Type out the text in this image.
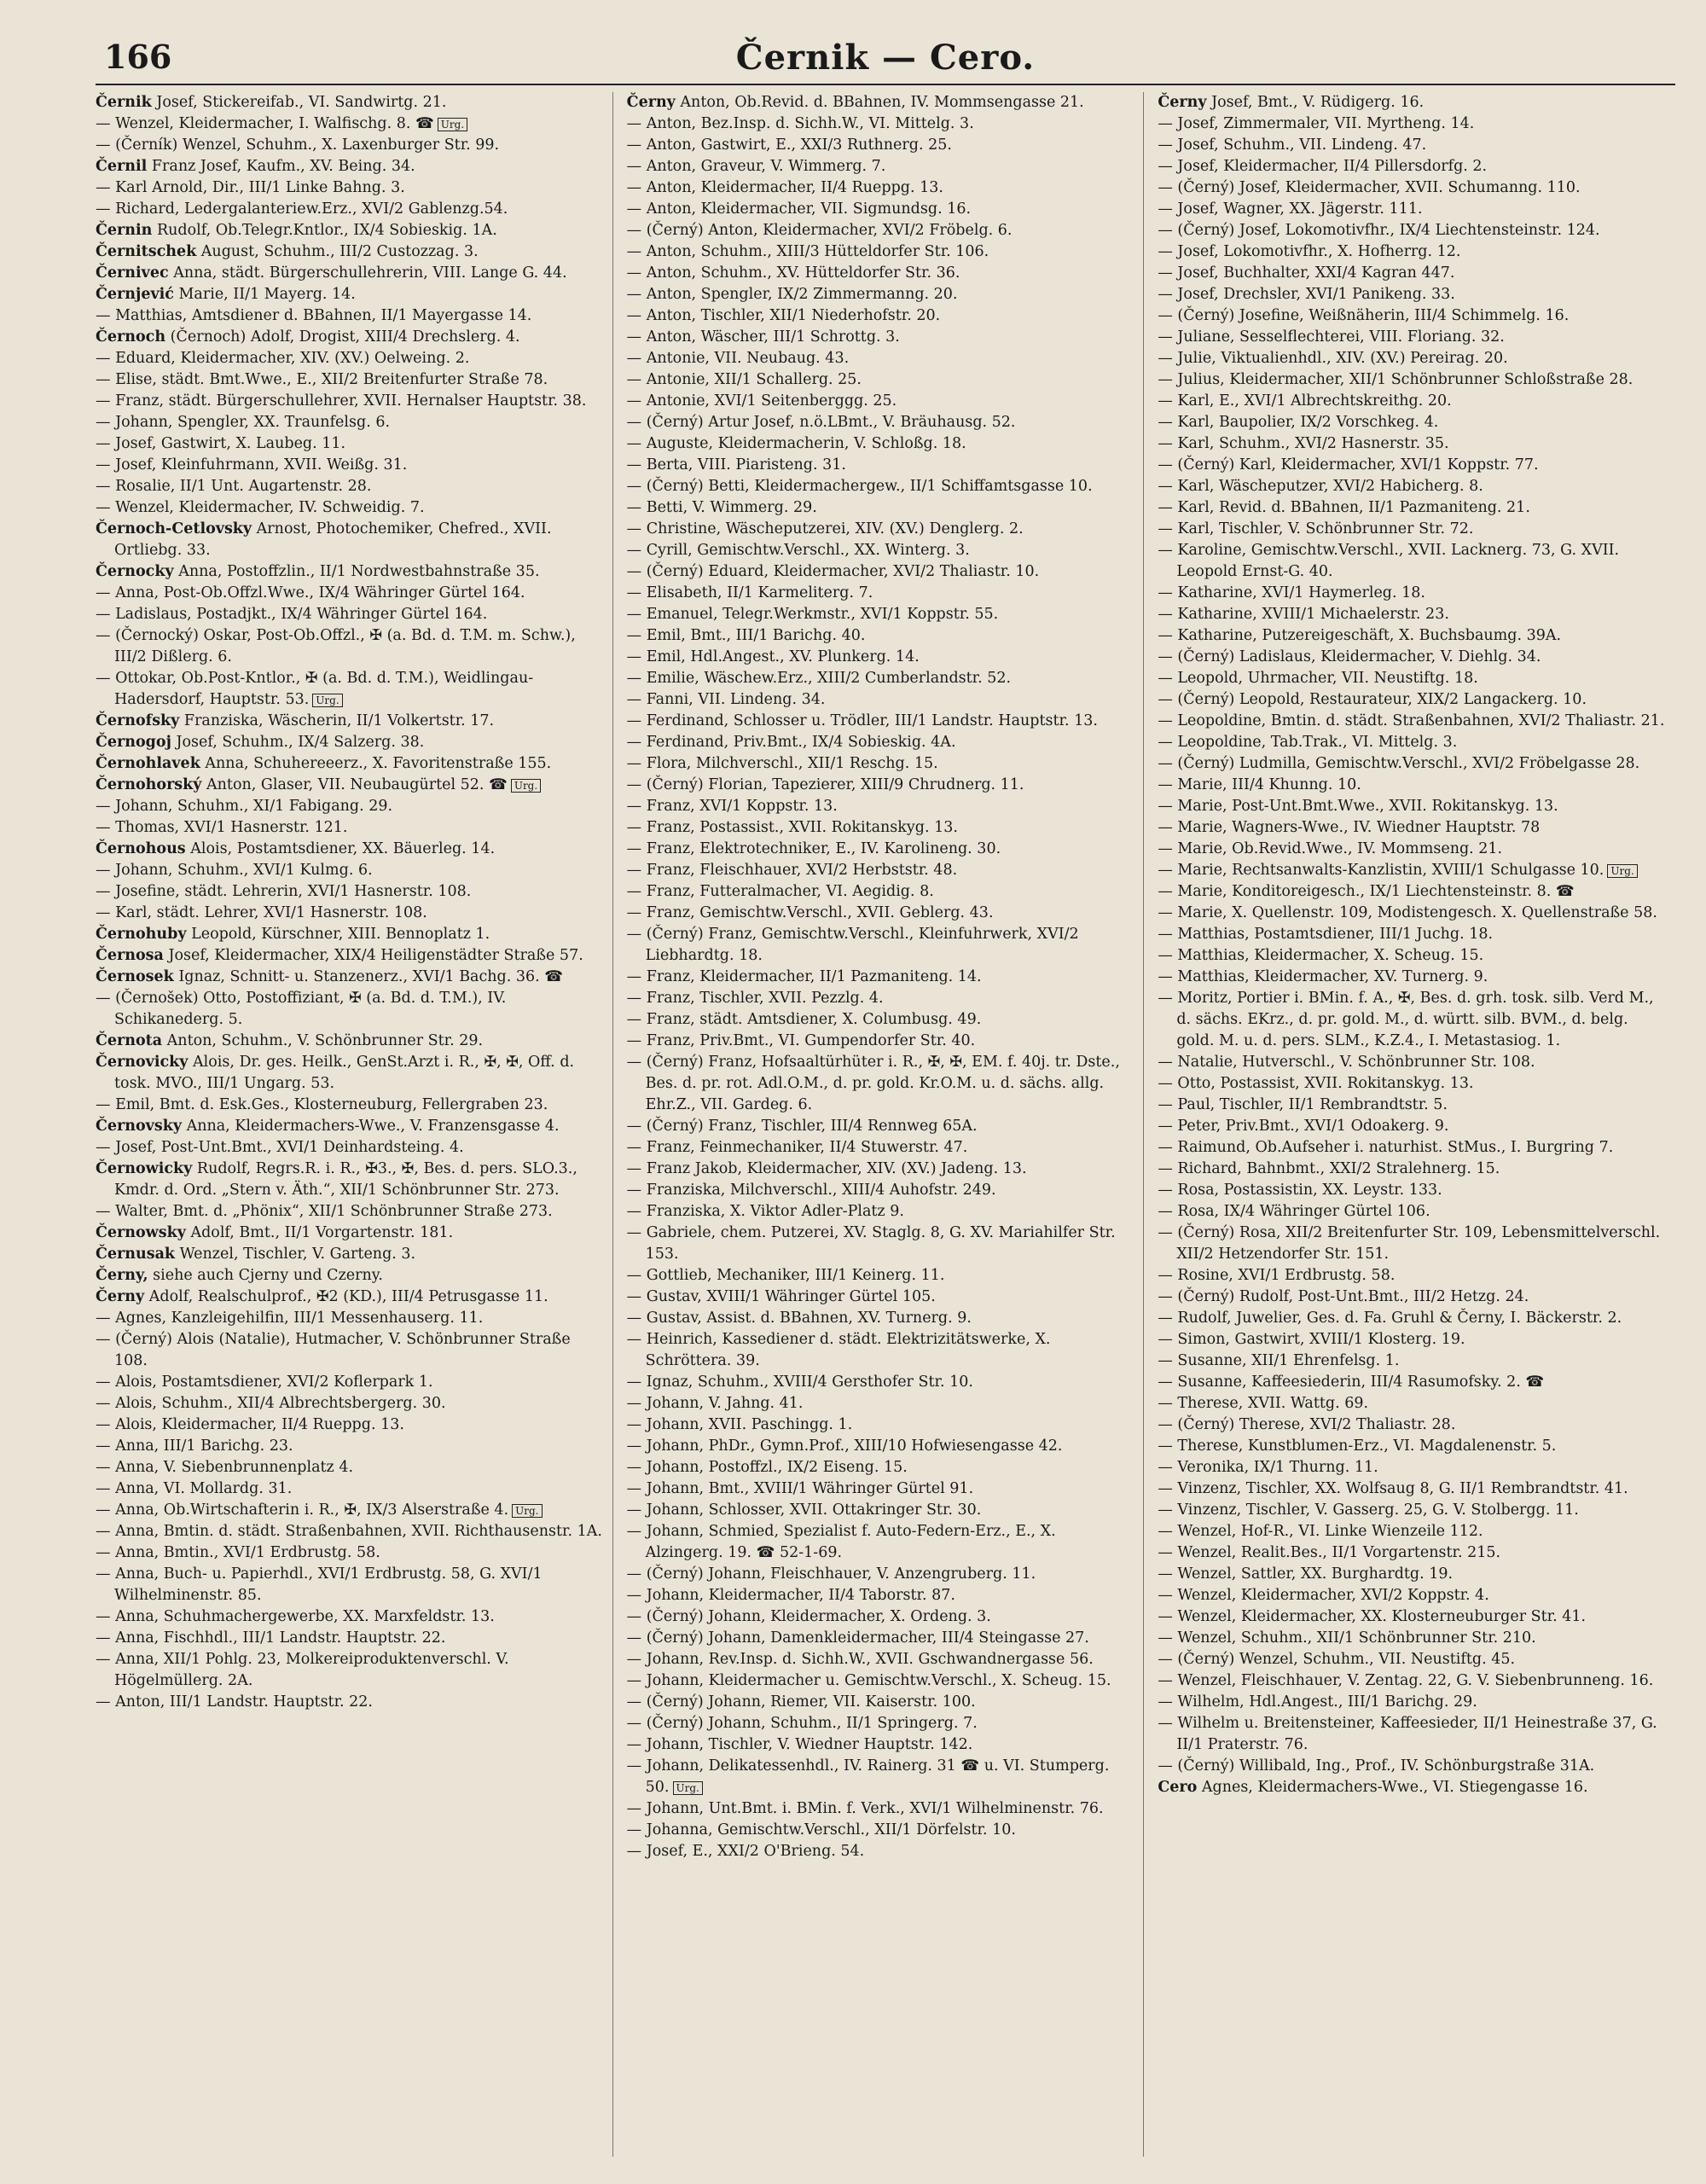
166	Černik — Cero.

Černik Josef, Stickereifab., VI. Sandwirtg. 21.

— Wenzel, Kleidermacher, I. Walfischg. 8. ☎ Urg.

— (Černík) Wenzel, Schuhm., X. Laxenburger Str. 99.

Černil Franz Josef, Kaufm., XV. Being. 34.

— Karl Arnold, Dir., III/1 Linke Bahng. 3.

— Richard, Ledergalanteriew.Erz., XVI/2 Gablenzg.54.

Černin Rudolf, Ob.Telegr.Kntlor., IX/4 Sobieskig. 1A.

Černitschek August, Schuhm., III/2 Custozzag. 3.

Černivec Anna, städt. Bürgerschullehrerin, VIII. Lange G. 44.

Černjević Marie, II/1 Mayerg. 14.

— Matthias, Amtsdiener d. BBahnen, II/1 Mayergasse 14.

Černoch (Černoch) Adolf, Drogist, XIII/4 Drechslerg. 4.

— Eduard, Kleidermacher, XIV. (XV.) Oelweing. 2.

— Elise, städt. Bmt.Wwe., E., XII/2 Breitenfurter Straße 78.

— Franz, städt. Bürgerschullehrer, XVII. Hernalser Hauptstr. 38.

— Johann, Spengler, XX. Traunfelsg. 6.

— Josef, Gastwirt, X. Laubeg. 11.

— Josef, Kleinfuhrmann, XVII. Weißg. 31.

— Rosalie, II/1 Unt. Augartenstr. 28.

— Wenzel, Kleidermacher, IV. Schweidig. 7.

Černoch-Cetlovsky Arnost, Photochemiker, Chefred., XVII. Ortliebg. 33.

Černocky Anna, Postoffzlin., II/1 Nordwestbahnstraße 35.

— Anna, Post-Ob.Offzl.Wwe., IX/4 Währinger Gürtel 164.

— Ladislaus, Postadjkt., IX/4 Währinger Gürtel 164.

— (Černocký) Oskar, Post-Ob.Offzl., ✠ (a. Bd. d. T.M. m. Schw.), III/2 Dißlerg. 6.

— Ottokar, Ob.Post-Kntlor., ✠ (a. Bd. d. T.M.), Weidlingau-Hadersdorf, Hauptstr. 53. Urg.

Černofsky Franziska, Wäscherin, II/1 Volkertstr. 17.

Černogoj Josef, Schuhm., IX/4 Salzerg. 38.

Černohlavek Anna, Schuhereeerz., X. Favoritenstraße 155.

Černohorský Anton, Glaser, VII. Neubaugürtel 52. ☎ Urg.

— Johann, Schuhm., XI/1 Fabigang. 29.

— Thomas, XVI/1 Hasnerstr. 121.

Černohous Alois, Postamtsdiener, XX. Bäuerleg. 14.

— Johann, Schuhm., XVI/1 Kulmg. 6.

— Josefine, städt. Lehrerin, XVI/1 Hasnerstr. 108.

— Karl, städt. Lehrer, XVI/1 Hasnerstr. 108.

Černohuby Leopold, Kürschner, XIII. Bennoplatz 1.

Černosa Josef, Kleidermacher, XIX/4 Heiligenstädter Straße 57.

Černosek Ignaz, Schnitt- u. Stanzenerz., XVI/1 Bachg. 36. ☎

— (Černošek) Otto, Postoffiziant, ✠ (a. Bd. d. T.M.), IV. Schikanederg. 5.

Černota Anton, Schuhm., V. Schönbrunner Str. 29.

Černovicky Alois, Dr. ges. Heilk., GenSt.Arzt i. R., ✠, ✠, Off. d. tosk. MVO., III/1 Ungarg. 53.

— Emil, Bmt. d. Esk.Ges., Klosterneuburg, Fellergraben 23.

Černovsky Anna, Kleidermachers-Wwe., V. Franzensgasse 4.

— Josef, Post-Unt.Bmt., XVI/1 Deinhardsteing. 4.

Černowicky Rudolf, Regrs.R. i. R., ✠3., ✠, Bes. d. pers. SLO.3., Kmdr. d. Ord. „Stern v. Äth.“, XII/1 Schönbrunner Str. 273.

— Walter, Bmt. d. „Phönix“, XII/1 Schönbrunner Straße 273.

Černowsky Adolf, Bmt., II/1 Vorgartenstr. 181.

Černusak Wenzel, Tischler, V. Garteng. 3.

Černy, siehe auch Cjerny und Czerny.

Černy Adolf, Realschulprof., ✠2 (KD.), III/4 Petrusgasse 11.

— Agnes, Kanzleigehilfin, III/1 Messenhauserg. 11.

— (Černý) Alois (Natalie), Hutmacher, V. Schönbrunner Straße 108.

— Alois, Postamtsdiener, XVI/2 Koflerpark 1.

— Alois, Schuhm., XII/4 Albrechtsbergerg. 30.

— Alois, Kleidermacher, II/4 Rueppg. 13.

— Anna, III/1 Barichg. 23.

— Anna, V. Siebenbrunnenplatz 4.

— Anna, VI. Mollardg. 31.

— Anna, Ob.Wirtschafterin i. R., ✠, IX/3 Alserstraße 4. Urg.

— Anna, Bmtin. d. städt. Straßenbahnen, XVII. Richthausenstr. 1A.

— Anna, Bmtin., XVI/1 Erdbrustg. 58.

— Anna, Buch- u. Papierhdl., XVI/1 Erdbrustg. 58, G. XVI/1 Wilhelminenstr. 85.

— Anna, Schuhmachergewerbe, XX. Marxfeldstr. 13.

— Anna, Fischhdl., III/1 Landstr. Hauptstr. 22.

— Anna, XII/1 Pohlg. 23, Molkereiproduktenverschl. V. Högelmüllerg. 2A.

— Anton, III/1 Landstr. Hauptstr. 22.

Černy Anton, Ob.Revid. d. BBahnen, IV. Mommsengasse 21.

— Anton, Bez.Insp. d. Sichh.W., VI. Mittelg. 3.

— Anton, Gastwirt, E., XXI/3 Ruthnerg. 25.

— Anton, Graveur, V. Wimmerg. 7.

— Anton, Kleidermacher, II/4 Rueppg. 13.

— Anton, Kleidermacher, VII. Sigmundsg. 16.

— (Černý) Anton, Kleidermacher, XVI/2 Fröbelg. 6.

— Anton, Schuhm., XIII/3 Hütteldorfer Str. 106.

— Anton, Schuhm., XV. Hütteldorfer Str. 36.

— Anton, Spengler, IX/2 Zimmermanng. 20.

— Anton, Tischler, XII/1 Niederhofstr. 20.

— Anton, Wäscher, III/1 Schrottg. 3.

— Antonie, VII. Neubaug. 43.

— Antonie, XII/1 Schallerg. 25.

— Antonie, XVI/1 Seitenberggg. 25.

— (Černý) Artur Josef, n.ö.LBmt., V. Bräuhausg. 52.

— Auguste, Kleidermacherin, V. Schloßg. 18.

— Berta, VIII. Piaristeng. 31.

— (Černý) Betti, Kleidermachergew., II/1 Schiffamtsgasse 10.

— Betti, V. Wimmerg. 29.

— Christine, Wäscheputzerei, XIV. (XV.) Denglerg. 2.

— Cyrill, Gemischtw.Verschl., XX. Winterg. 3.

— (Černý) Eduard, Kleidermacher, XVI/2 Thaliastr. 10.

— Elisabeth, II/1 Karmeliterg. 7.

— Emanuel, Telegr.Werkmstr., XVI/1 Koppstr. 55.

— Emil, Bmt., III/1 Barichg. 40.

— Emil, Hdl.Angest., XV. Plunkerg. 14.

— Emilie, Wäschew.Erz., XIII/2 Cumberlandstr. 52.

— Fanni, VII. Lindeng. 34.

— Ferdinand, Schlosser u. Trödler, III/1 Landstr. Hauptstr. 13.

— Ferdinand, Priv.Bmt., IX/4 Sobieskig. 4A.

— Flora, Milchverschl., XII/1 Reschg. 15.

— (Černý) Florian, Tapezierer, XIII/9 Chrudnerg. 11.

— Franz, XVI/1 Koppstr. 13.

— Franz, Postassist., XVII. Rokitanskyg. 13.

— Franz, Elektrotechniker, E., IV. Karolineng. 30.

— Franz, Fleischhauer, XVI/2 Herbststr. 48.

— Franz, Futteralmacher, VI. Aegidig. 8.

— Franz, Gemischtw.Verschl., XVII. Geblerg. 43.

— (Černý) Franz, Gemischtw.Verschl., Kleinfuhrwerk, XVI/2 Liebhardtg. 18.

— Franz, Kleidermacher, II/1 Pazmaniteng. 14.

— Franz, Tischler, XVII. Pezzlg. 4.

— Franz, städt. Amtsdiener, X. Columbusg. 49.

— Franz, Priv.Bmt., VI. Gumpendorfer Str. 40.

— (Černý) Franz, Hofsaaltürhüter i. R., ✠, ✠, EM. f. 40j. tr. Dste., Bes. d. pr. rot. Adl.O.M., d. pr. gold. Kr.O.M. u. d. sächs. allg. Ehr.Z., VII. Gardeg. 6.

— (Černý) Franz, Tischler, III/4 Rennweg 65A.

— Franz, Feinmechaniker, II/4 Stuwerstr. 47.

— Franz Jakob, Kleidermacher, XIV. (XV.) Jadeng. 13.

— Franziska, Milchverschl., XIII/4 Auhofstr. 249.

— Franziska, X. Viktor Adler-Platz 9.

— Gabriele, chem. Putzerei, XV. Staglg. 8, G. XV. Mariahilfer Str. 153.

— Gottlieb, Mechaniker, III/1 Keinerg. 11.

— Gustav, XVIII/1 Währinger Gürtel 105.

— Gustav, Assist. d. BBahnen, XV. Turnerg. 9.

— Heinrich, Kassediener d. städt. Elektrizitätswerke, X. Schröttera. 39.

— Ignaz, Schuhm., XVIII/4 Gersthofer Str. 10.

— Johann, V. Jahng. 41.

— Johann, XVII. Paschingg. 1.

— Johann, PhDr., Gymn.Prof., XIII/10 Hofwiesengasse 42.

— Johann, Postoffzl., IX/2 Eiseng. 15.

— Johann, Bmt., XVIII/1 Währinger Gürtel 91.

— Johann, Schlosser, XVII. Ottakringer Str. 30.

— Johann, Schmied, Spezialist f. Auto-Federn-Erz., E., X. Alzingerg. 19. ☎ 52-1-69.

— (Černý) Johann, Fleischhauer, V. Anzengruberg. 11.

— Johann, Kleidermacher, II/4 Taborstr. 87.

— (Černý) Johann, Kleidermacher, X. Ordeng. 3.

— (Černý) Johann, Damenkleidermacher, III/4 Steingasse 27.

— Johann, Rev.Insp. d. Sichh.W., XVII. Gschwandnergasse 56.

— Johann, Kleidermacher u. Gemischtw.Verschl., X. Scheug. 15.

— (Černý) Johann, Riemer, VII. Kaiserstr. 100.

— (Černý) Johann, Schuhm., II/1 Springerg. 7.

— Johann, Tischler, V. Wiedner Hauptstr. 142.

— Johann, Delikatessenhdl., IV. Rainerg. 31 ☎ u. VI. Stumperg. 50. Urg.

— Johann, Unt.Bmt. i. BMin. f. Verk., XVI/1 Wilhelminenstr. 76.

— Johanna, Gemischtw.Verschl., XII/1 Dörfelstr. 10.

— Josef, E., XXI/2 O'Brieng. 54.

Černy Josef, Bmt., V. Rüdigerg. 16.

— Josef, Zimmermaler, VII. Myrtheng. 14.

— Josef, Schuhm., VII. Lindeng. 47.

— Josef, Kleidermacher, II/4 Pillersdorfg. 2.

— (Černý) Josef, Kleidermacher, XVII. Schumanng. 110.

— Josef, Wagner, XX. Jägerstr. 111.

— (Černý) Josef, Lokomotivfhr., IX/4 Liechtensteinstr. 124.

— Josef, Lokomotivfhr., X. Hofherrg. 12.

— Josef, Buchhalter, XXI/4 Kagran 447.

— Josef, Drechsler, XVI/1 Panikeng. 33.

— (Černý) Josefine, Weißnäherin, III/4 Schimmelg. 16.

— Juliane, Sesselflechterei, VIII. Floriang. 32.

— Julie, Viktualienhdl., XIV. (XV.) Pereirag. 20.

— Julius, Kleidermacher, XII/1 Schönbrunner Schloßstraße 28.

— Karl, E., XVI/1 Albrechtskreithg. 20.

— Karl, Baupolier, IX/2 Vorschkeg. 4.

— Karl, Schuhm., XVI/2 Hasnerstr. 35.

— (Černý) Karl, Kleidermacher, XVI/1 Koppstr. 77.

— Karl, Wäscheputzer, XVI/2 Habicherg. 8.

— Karl, Revid. d. BBahnen, II/1 Pazmaniteng. 21.

— Karl, Tischler, V. Schönbrunner Str. 72.

— Karoline, Gemischtw.Verschl., XVII. Lacknerg. 73, G. XVII. Leopold Ernst-G. 40.

— Katharine, XVI/1 Haymerleg. 18.

— Katharine, XVIII/1 Michaelerstr. 23.

— Katharine, Putzereigeschäft, X. Buchsbaumg. 39A.

— (Černý) Ladislaus, Kleidermacher, V. Diehlg. 34.

— Leopold, Uhrmacher, VII. Neustiftg. 18.

— (Černý) Leopold, Restaurateur, XIX/2 Langackerg. 10.

— Leopoldine, Bmtin. d. städt. Straßenbahnen, XVI/2 Thaliastr. 21.

— Leopoldine, Tab.Trak., VI. Mittelg. 3.

— (Černý) Ludmilla, Gemischtw.Verschl., XVI/2 Fröbelgasse 28.

— Marie, III/4 Khunng. 10.

— Marie, Post-Unt.Bmt.Wwe., XVII. Rokitanskyg. 13.

— Marie, Wagners-Wwe., IV. Wiedner Hauptstr. 78

— Marie, Ob.Revid.Wwe., IV. Mommseng. 21.

— Marie, Rechtsanwalts-Kanzlistin, XVIII/1 Schulgasse 10. Urg.

— Marie, Konditoreigesch., IX/1 Liechtensteinstr. 8. ☎

— Marie, X. Quellenstr. 109, Modistengesch. X. Quellenstraße 58.

— Matthias, Postamtsdiener, III/1 Juchg. 18.

— Matthias, Kleidermacher, X. Scheug. 15.

— Matthias, Kleidermacher, XV. Turnerg. 9.

— Moritz, Portier i. BMin. f. A., ✠, Bes. d. grh. tosk. silb. Verd M., d. sächs. EKrz., d. pr. gold. M., d. württ. silb. BVM., d. belg. gold. M. u. d. pers. SLM., K.Z.4., I. Metastasiog. 1.

— Natalie, Hutverschl., V. Schönbrunner Str. 108.

— Otto, Postassist, XVII. Rokitanskyg. 13.

— Paul, Tischler, II/1 Rembrandtstr. 5.

— Peter, Priv.Bmt., XVI/1 Odoakerg. 9.

— Raimund, Ob.Aufseher i. naturhist. StMus., I. Burgring 7.

— Richard, Bahnbmt., XXI/2 Stralehnerg. 15.

— Rosa, Postassistin, XX. Leystr. 133.

— Rosa, IX/4 Währinger Gürtel 106.

— (Černý) Rosa, XII/2 Breitenfurter Str. 109, Lebensmittelverschl. XII/2 Hetzendorfer Str. 151.

— Rosine, XVI/1 Erdbrustg. 58.

— (Černý) Rudolf, Post-Unt.Bmt., III/2 Hetzg. 24.

— Rudolf, Juwelier, Ges. d. Fa. Gruhl & Černy, I. Bäckerstr. 2.

— Simon, Gastwirt, XVIII/1 Klosterg. 19.

— Susanne, XII/1 Ehrenfelsg. 1.

— Susanne, Kaffeesiederin, III/4 Rasumofsky. 2. ☎

— Therese, XVII. Wattg. 69.

— (Černý) Therese, XVI/2 Thaliastr. 28.

— Therese, Kunstblumen-Erz., VI. Magdalenenstr. 5.

— Veronika, IX/1 Thurng. 11.

— Vinzenz, Tischler, XX. Wolfsaug 8, G. II/1 Rembrandtstr. 41.

— Vinzenz, Tischler, V. Gasserg. 25, G. V. Stolbergg. 11.

— Wenzel, Hof-R., VI. Linke Wienzeile 112.

— Wenzel, Realit.Bes., II/1 Vorgartenstr. 215.

— Wenzel, Sattler, XX. Burghardtg. 19.

— Wenzel, Kleidermacher, XVI/2 Koppstr. 4.

— Wenzel, Kleidermacher, XX. Klosterneuburger Str. 41.

— Wenzel, Schuhm., XII/1 Schönbrunner Str. 210.

— (Černý) Wenzel, Schuhm., VII. Neustiftg. 45.

— Wenzel, Fleischhauer, V. Zentag. 22, G. V. Siebenbrunneng. 16.

— Wilhelm, Hdl.Angest., III/1 Barichg. 29.

— Wilhelm u. Breitensteiner, Kaffeesieder, II/1 Heinestraße 37, G. II/1 Praterstr. 76.

— (Černý) Willibald, Ing., Prof., IV. Schönburgstraße 31A.

Cero Agnes, Kleidermachers-Wwe., VI. Stiegengasse 16.
